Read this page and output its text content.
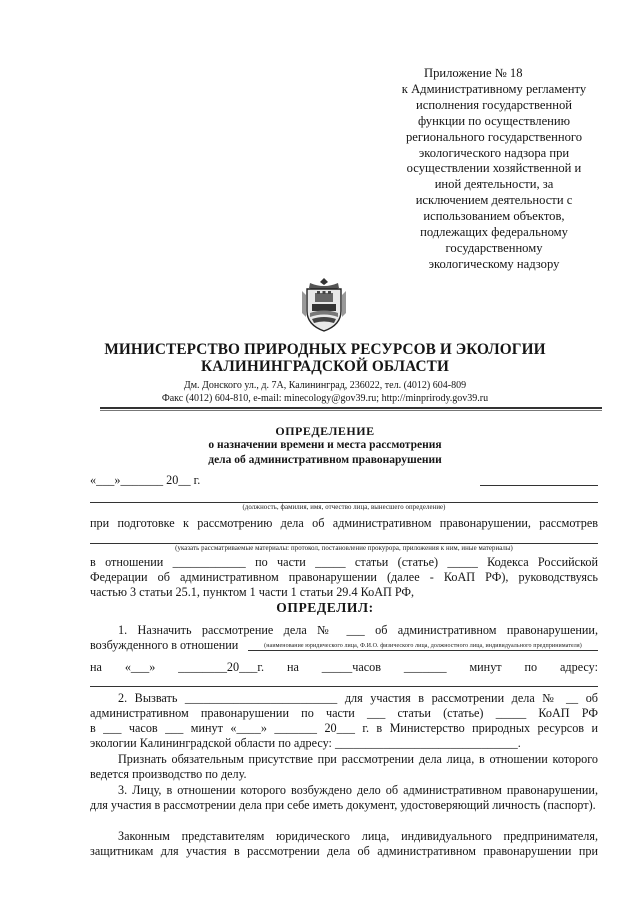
Приложение № 18
к Административному регламенту
исполнения государственной
функции по осуществлению
регионального государственного
экологического надзора при
осуществлении хозяйственной и
иной деятельности, за
исключением деятельности с
использованием объектов,
подлежащих федеральному
государственному
экологическому надзору
МИНИСТЕРСТВО ПРИРОДНЫХ РЕСУРСОВ И ЭКОЛОГИИ
КАЛИНИНГРАДСКОЙ ОБЛАСТИ
Дм. Донского ул., д. 7А, Калининград, 236022, тел. (4012) 604-809
Факс (4012) 604-810, e-mail: minecology@gov39.ru; http://minprirody.gov39.ru
ОПРЕДЕЛЕНИЕ
о назначении времени и места рассмотрения
дела об административном правонарушении
«___»_______ 20__ г.
(должность, фамилия, имя, отчество лица, вынесшего определение)
при подготовке к рассмотрению дела об административном правонарушении, рассмотрев
(указать рассматриваемые материалы: протокол, постановление прокурора, приложения к ним, иные материалы)
в отношении ____________ по части _____ статьи (статье) _____ Кодекса Российской
Федерации об административном правонарушении (далее - КоАП РФ), руководствуясь
частью 3 статьи 25.1, пунктом 1 части 1 статьи 29.4 КоАП РФ,
ОПРЕДЕЛИЛ:
1. Назначить рассмотрение дела № ___ об административном правонарушении,
возбужденного в отношении	(наименование юридического лица, Ф.И.О. физического лица, должностного лица, индивидуального предпринимателя)
на «___» ________20___г. на _____часов _______ минут по адресу:
2. Вызвать _________________________ для участия в рассмотрении дела № __ об
административном правонарушении по части ___ статьи (статье) _____ КоАП РФ
в ___ часов ___ минут «____» _______ 20___ г. в Министерство природных ресурсов и
экологии Калининградской области по адресу: ______________________________.
Признать обязательным присутствие при рассмотрении дела лица, в отношении которого ведется производство по делу.
3. Лицу, в отношении которого возбуждено дело об административном правонарушении, для участия в рассмотрении дела при себе иметь документ, удостоверяющий личность (паспорт).
Законным представителям юридического лица, индивидуального предпринимателя,
защитникам для участия в рассмотрении дела об административном правонарушении при
